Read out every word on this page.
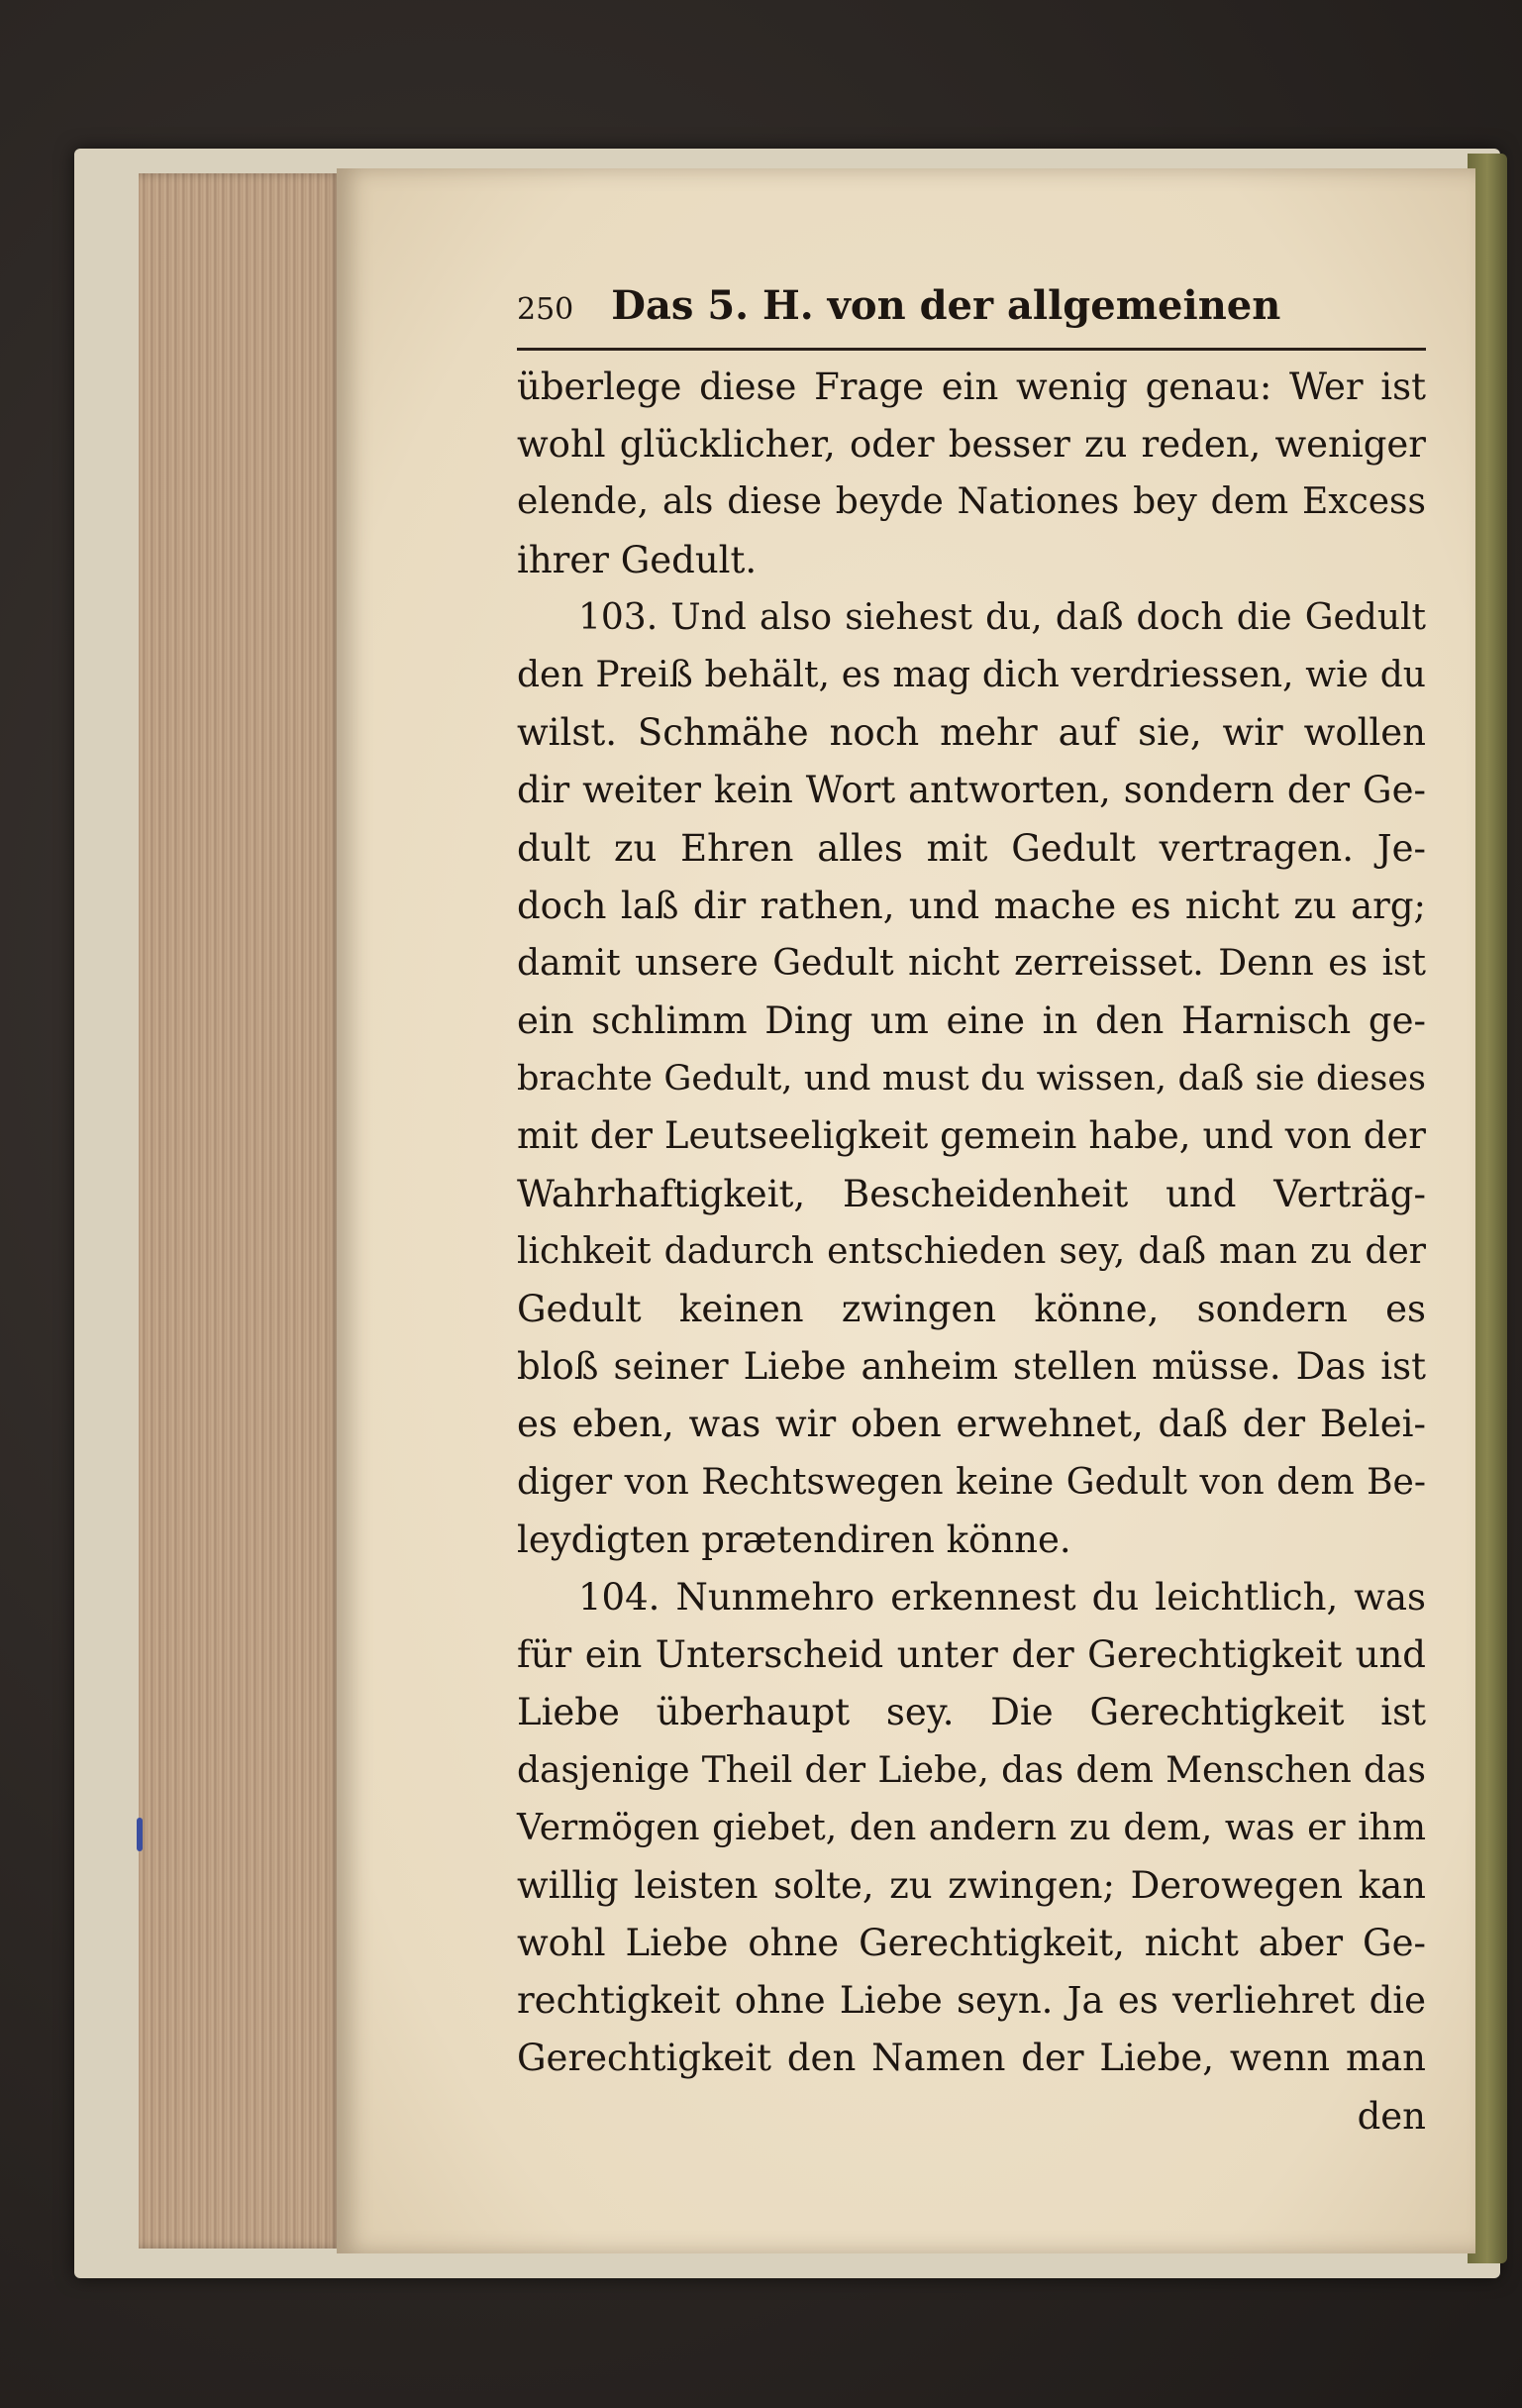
250 Das 5. H. von der allgemeinen
überlege diese Frage ein wenig genau: Wer ist
wohl glücklicher, oder besser zu reden, weniger
elende, als diese beyde Nationes bey dem Excess
ihrer Gedult.
103. Und also siehest du, daß doch die Gedult
den Preiß behält, es mag dich verdriessen, wie du
wilst. Schmähe noch mehr auf sie, wir wollen
dir weiter kein Wort antworten, sondern der Ge-
dult zu Ehren alles mit Gedult vertragen. Je-
doch laß dir rathen, und mache es nicht zu arg;
damit unsere Gedult nicht zerreisset. Denn es ist
ein schlimm Ding um eine in den Harnisch ge-
brachte Gedult, und must du wissen, daß sie dieses
mit der Leutseeligkeit gemein habe, und von der
Wahrhaftigkeit, Bescheidenheit und Verträg-
lichkeit dadurch entschieden sey, daß man zu der
Gedult keinen zwingen könne, sondern es
bloß seiner Liebe anheim stellen müsse. Das ist
es eben, was wir oben erwehnet, daß der Belei-
diger von Rechtswegen keine Gedult von dem Be-
leydigten prætendiren könne.
104. Nunmehro erkennest du leichtlich, was
für ein Unterscheid unter der Gerechtigkeit und
Liebe überhaupt sey. Die Gerechtigkeit ist
dasjenige Theil der Liebe, das dem Menschen das
Vermögen giebet, den andern zu dem, was er ihm
willig leisten solte, zu zwingen; Derowegen kan
wohl Liebe ohne Gerechtigkeit, nicht aber Ge-
rechtigkeit ohne Liebe seyn. Ja es verliehret die
Gerechtigkeit den Namen der Liebe, wenn man
den
